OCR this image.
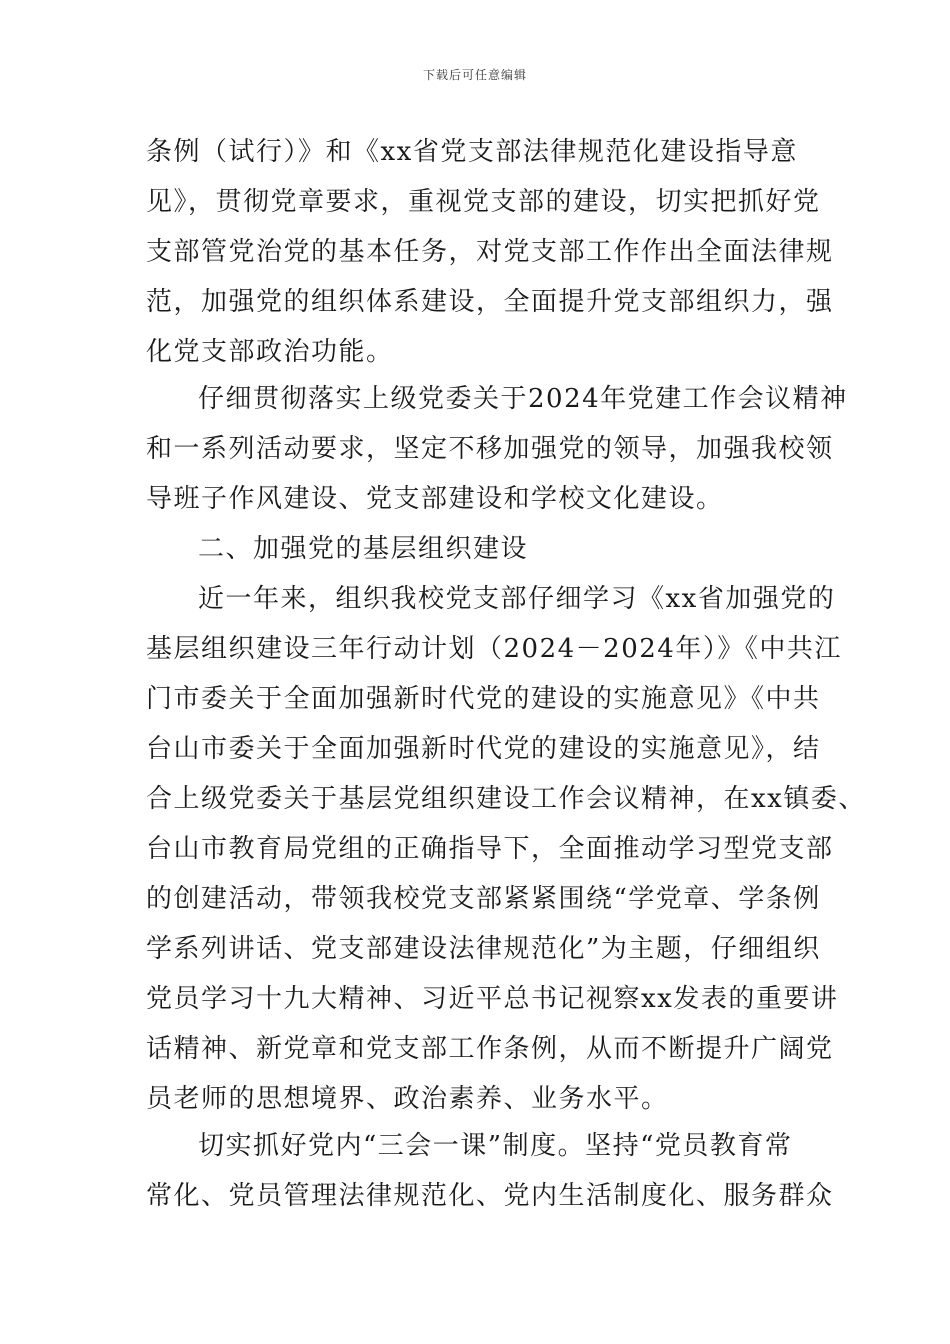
下载后可任意编辑
条例（试行）》和《xx省党支部法律规范化建设指导意
见》，贯彻党章要求，重视党支部的建设，切实把抓好党
支部管党治党的基本任务，对党支部工作作出全面法律规
范，加强党的组织体系建设，全面提升党支部组织力，强
化党支部政治功能。
仔细贯彻落实上级党委关于2024年党建工作会议精神
和一系列活动要求，坚定不移加强党的领导，加强我校领
导班子作风建设、党支部建设和学校文化建设。
二、加强党的基层组织建设
近一年来，组织我校党支部仔细学习《xx省加强党的
基层组织建设三年行动计划（2024－2024年）》《中共江
门市委关于全面加强新时代党的建设的实施意见》《中共
台山市委关于全面加强新时代党的建设的实施意见》，结
合上级党委关于基层党组织建设工作会议精神，在xx镇委、
台山市教育局党组的正确指导下，全面推动学习型党支部
的创建活动，带领我校党支部紧紧围绕“学党章、学条例
学系列讲话、党支部建设法律规范化”为主题，仔细组织
党员学习十九大精神、习近平总书记视察xx发表的重要讲
话精神、新党章和党支部工作条例，从而不断提升广阔党
员老师的思想境界、政治素养、业务水平。
切实抓好党内“三会一课”制度。坚持“党员教育常
常化、党员管理法律规范化、党内生活制度化、服务群众
